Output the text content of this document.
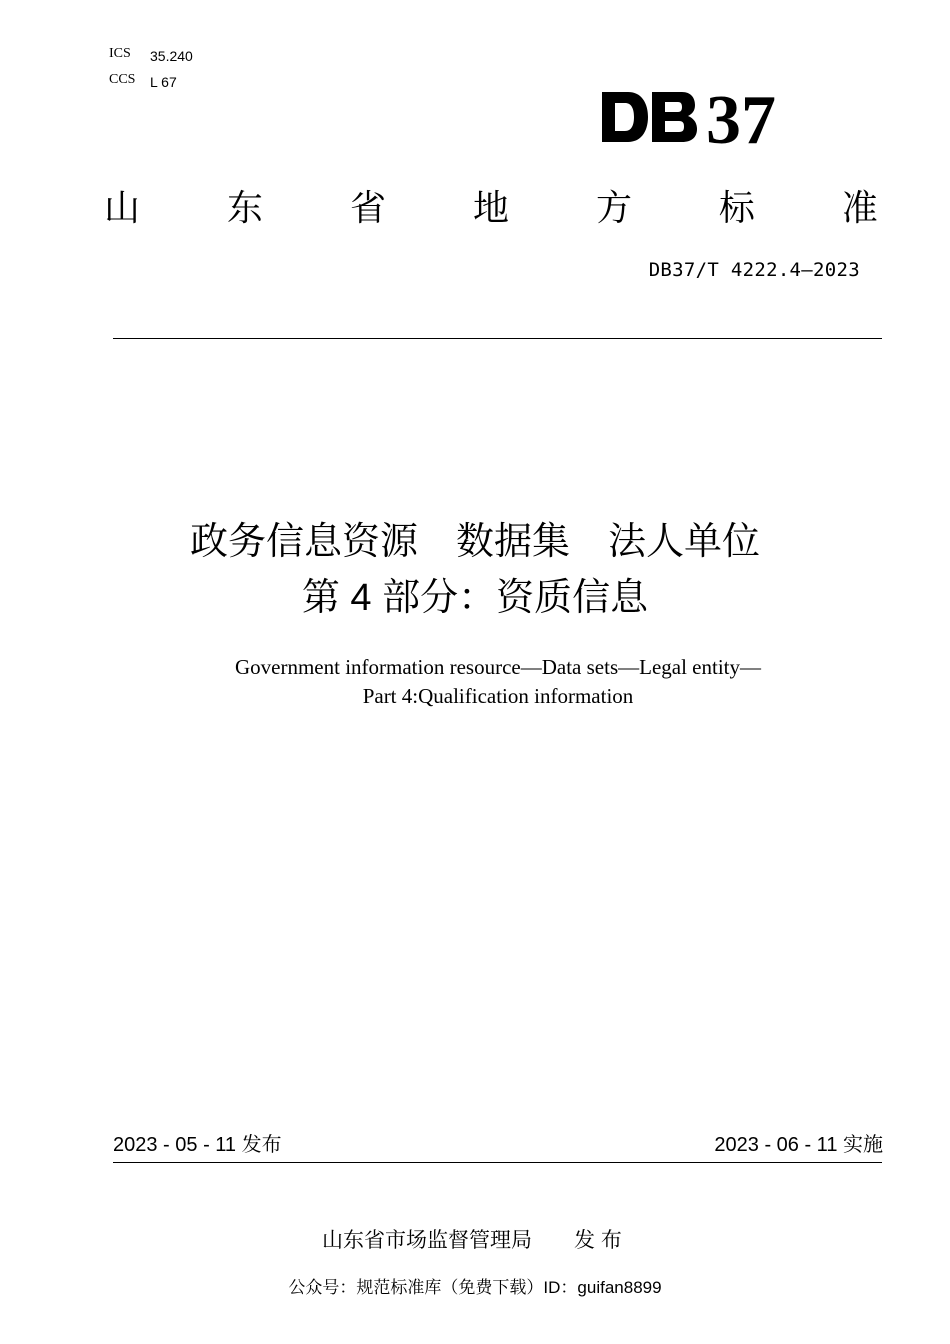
ICS 35.240
CCS L 67	37
山 东 省 地 方 标 准
DB37/T 4222.4—2023
政务信息资源　数据集　法人单位
第 4 部分：资质信息
Government information resource—Data sets—Legal entity—
Part 4:Qualification information
2023 - 05 - 11 发布	2023 - 06 - 11 实施
山东省市场监督管理局　　发 布
公众号：规范标准库（免费下载）ID：guifan8899
